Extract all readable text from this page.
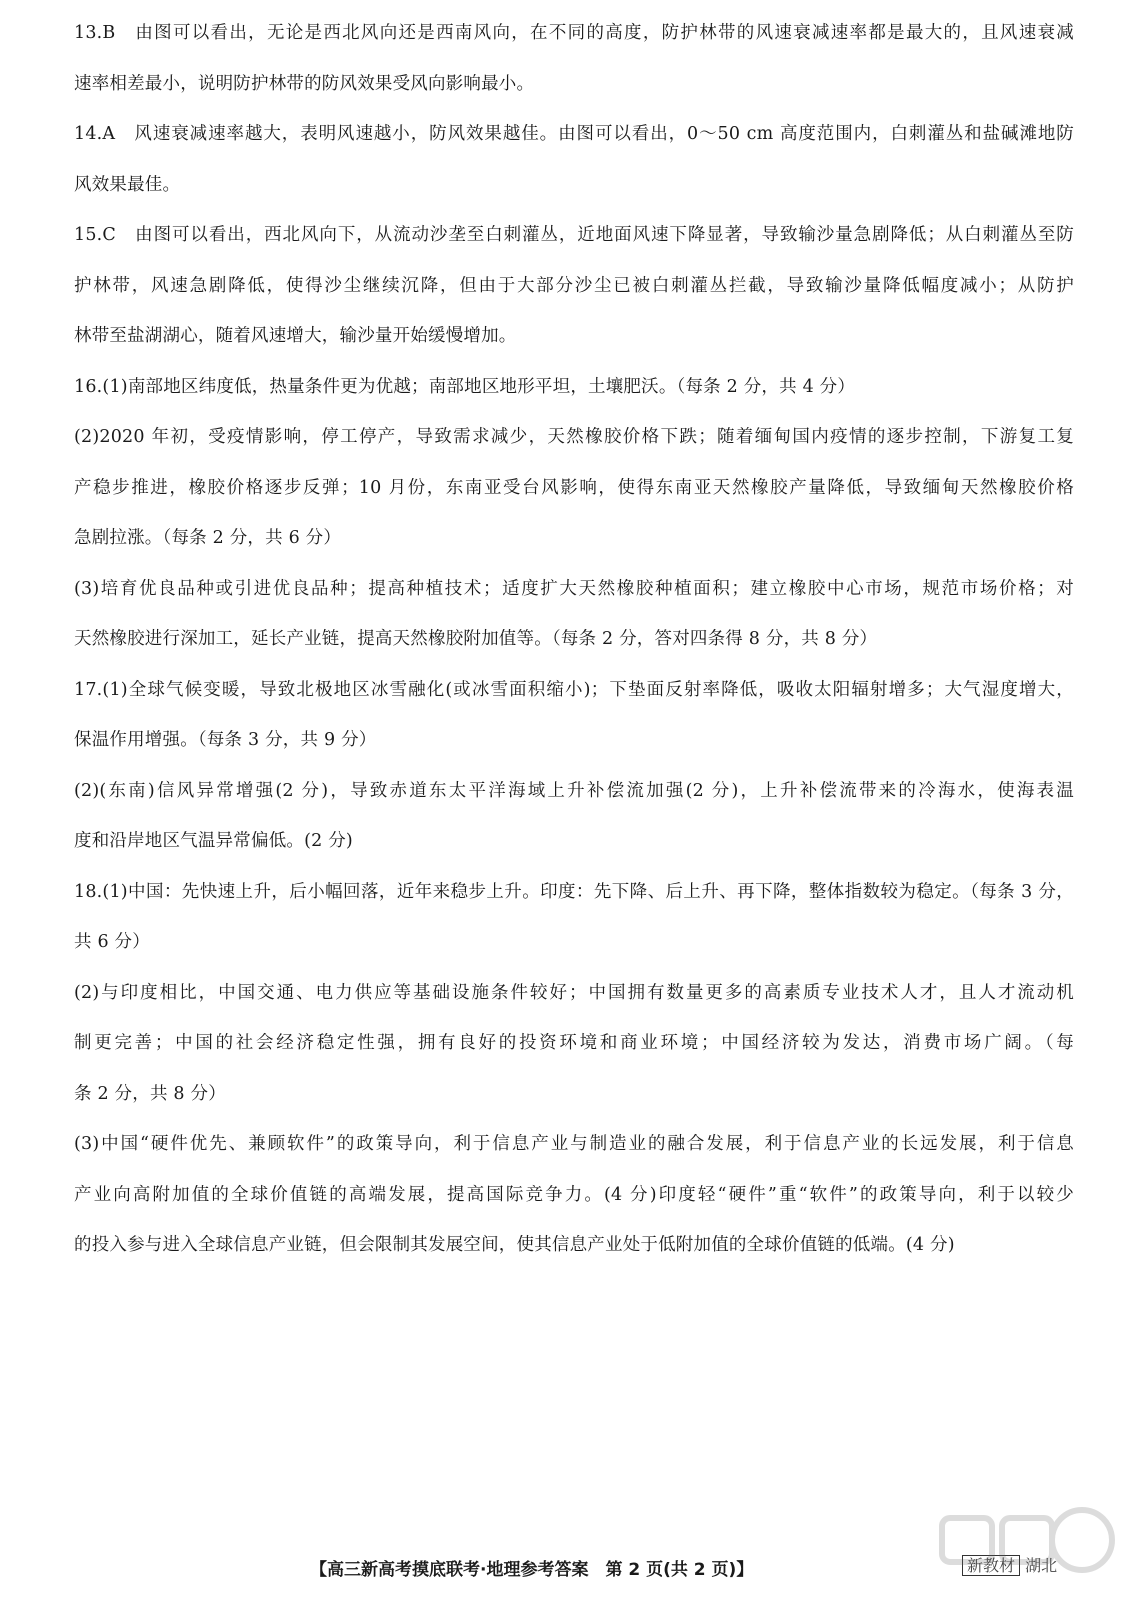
13.B　由图可以看出，无论是西北风向还是西南风向，在不同的高度，防护林带的风速衰减速率都是最大的，且风速衰减
速率相差最小，说明防护林带的防风效果受风向影响最小。
14.A　风速衰减速率越大，表明风速越小，防风效果越佳。由图可以看出，0～50 cm 高度范围内，白刺灌丛和盐碱滩地防
风效果最佳。
15.C　由图可以看出，西北风向下，从流动沙垄至白刺灌丛，近地面风速下降显著，导致输沙量急剧降低；从白刺灌丛至防
护林带，风速急剧降低，使得沙尘继续沉降，但由于大部分沙尘已被白刺灌丛拦截，导致输沙量降低幅度减小；从防护
林带至盐湖湖心，随着风速增大，输沙量开始缓慢增加。
16.(1)南部地区纬度低，热量条件更为优越；南部地区地形平坦，土壤肥沃。（每条 2 分，共 4 分）
(2)2020 年初，受疫情影响，停工停产，导致需求减少，天然橡胶价格下跌；随着缅甸国内疫情的逐步控制，下游复工复
产稳步推进，橡胶价格逐步反弹；10 月份，东南亚受台风影响，使得东南亚天然橡胶产量降低，导致缅甸天然橡胶价格
急剧拉涨。（每条 2 分，共 6 分）
(3)培育优良品种或引进优良品种；提高种植技术；适度扩大天然橡胶种植面积；建立橡胶中心市场，规范市场价格；对
天然橡胶进行深加工，延长产业链，提高天然橡胶附加值等。（每条 2 分，答对四条得 8 分，共 8 分）
17.(1)全球气候变暖，导致北极地区冰雪融化(或冰雪面积缩小)；下垫面反射率降低，吸收太阳辐射增多；大气湿度增大，
保温作用增强。（每条 3 分，共 9 分）
(2)(东南)信风异常增强(2 分)，导致赤道东太平洋海域上升补偿流加强(2 分)，上升补偿流带来的冷海水，使海表温
度和沿岸地区气温异常偏低。(2 分)
18.(1)中国：先快速上升，后小幅回落，近年来稳步上升。印度：先下降、后上升、再下降，整体指数较为稳定。（每条 3 分，
共 6 分）
(2)与印度相比，中国交通、电力供应等基础设施条件较好；中国拥有数量更多的高素质专业技术人才，且人才流动机
制更完善；中国的社会经济稳定性强，拥有良好的投资环境和商业环境；中国经济较为发达，消费市场广阔。（每
条 2 分，共 8 分）
(3)中国“硬件优先、兼顾软件”的政策导向，利于信息产业与制造业的融合发展，利于信息产业的长远发展，利于信息
产业向高附加值的全球价值链的高端发展，提高国际竞争力。(4 分)印度轻“硬件”重“软件”的政策导向，利于以较少
的投入参与进入全球信息产业链，但会限制其发展空间，使其信息产业处于低附加值的全球价值链的低端。(4 分)
【高三新高考摸底联考·地理参考答案　第 2 页(共 2 页)】	新教材 湖北
